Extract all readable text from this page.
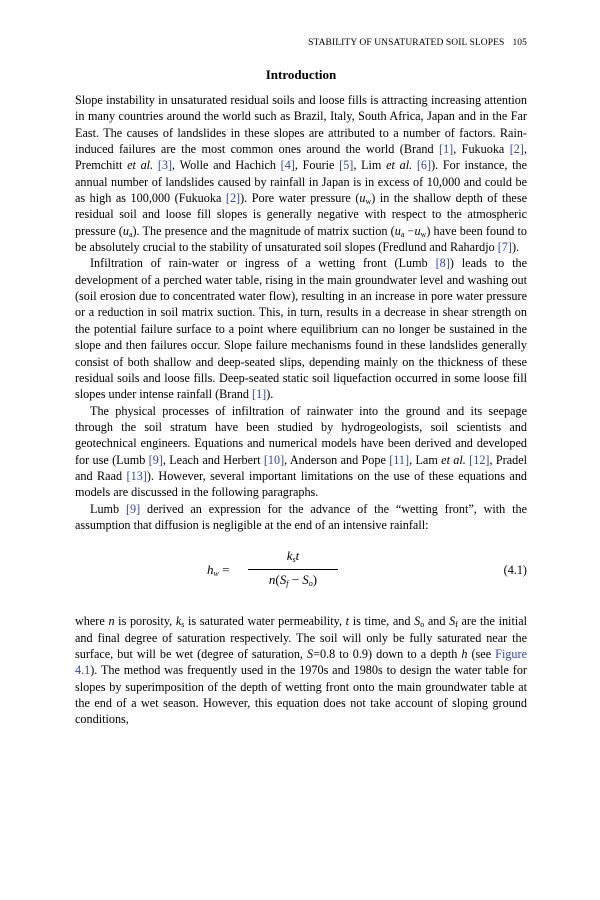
STABILITY OF UNSATURATED SOIL SLOPES 105
Introduction

Slope instability in unsaturated residual soils and loose fills is attracting increasing attention in many countries around the world such as Brazil, Italy, South Africa, Japan and in the Far East. The causes of landslides in these slopes are attributed to a number of factors. Rain- induced failures are the most common ones around the world (Brand [1], Fukuoka [2], Premchitt et al. [3], Wolle and Hachich [4], Fourie [5], Lim et al. [6]). For instance, the annual number of landslides caused by rainfall in Japan is in excess of 10,000 and could be as high as 100,000 (Fukuoka [2]). Pore water pressure $(u_w)$ in the shallow depth of these residual soil and loose fill slopes is generally negative with respect to the atmospheric pressure $(u_a)$. The presence and the magnitude of matrix suction $(u_a -u_w)$ have been found to be absolutely crucial to the stability of unsaturated soil slopes (Fredlund and Rahardjo [7]).

Infiltration of rain-water or ingress of a wetting front (Lumb [8]) leads to the development of a perched water table, rising in the main groundwater level and washing out (soil erosion due to concentrated water flow), resulting in an increase in pore water pressure or a reduction in soil matrix suction. This, in turn, results in a decrease in shear strength on the potential failure surface to a point where equilibrium can no longer be sustained in the slope and then failures occur. Slope failure mechanisms found in these landslides generally consist of both shallow and deep-seated slips, depending mainly on the thickness of these residual soils and loose fills. Deep-seated static soil liquefaction occurred in some loose fill slopes under intense rainfall (Brand [1]).

The physical processes of infiltration of rainwater into the ground and its seepage through the soil stratum have been studied by hydrogeologists, soil scientists and geotechnical engineers. Equations and numerical models have been derived and developed for use (Lumb [9], Leach and Herbert [10], Anderson and Pope [11], Lam et al. [12], Pradel and Raad [13]). However, several important limitations on the use of these equations and models are discussed in the following paragraphs.

Lumb [9] derived an expression for the advance of the “wetting front”, with the assumption that diffusion is negligible at the end of an intensive rainfall:

$h_w$ =
$k_st$
$n(S_f - S_o)$
(4.1)

where n is porosity, $k_s$ is saturated water permeability, t is time, and $S_o$ and $S_f$ are the initial and final degree of saturation respectively. The soil will only be fully saturated near the surface, but will be wet (degree of saturation, S=0.8 to 0.9) down to a depth h (see Figure 4.1). The method was frequently used in the 1970s and 1980s to design the water table for slopes by superimposition of the depth of wetting front onto the main groundwater table at the end of a wet season. However, this equation does not take account of sloping ground conditions,
